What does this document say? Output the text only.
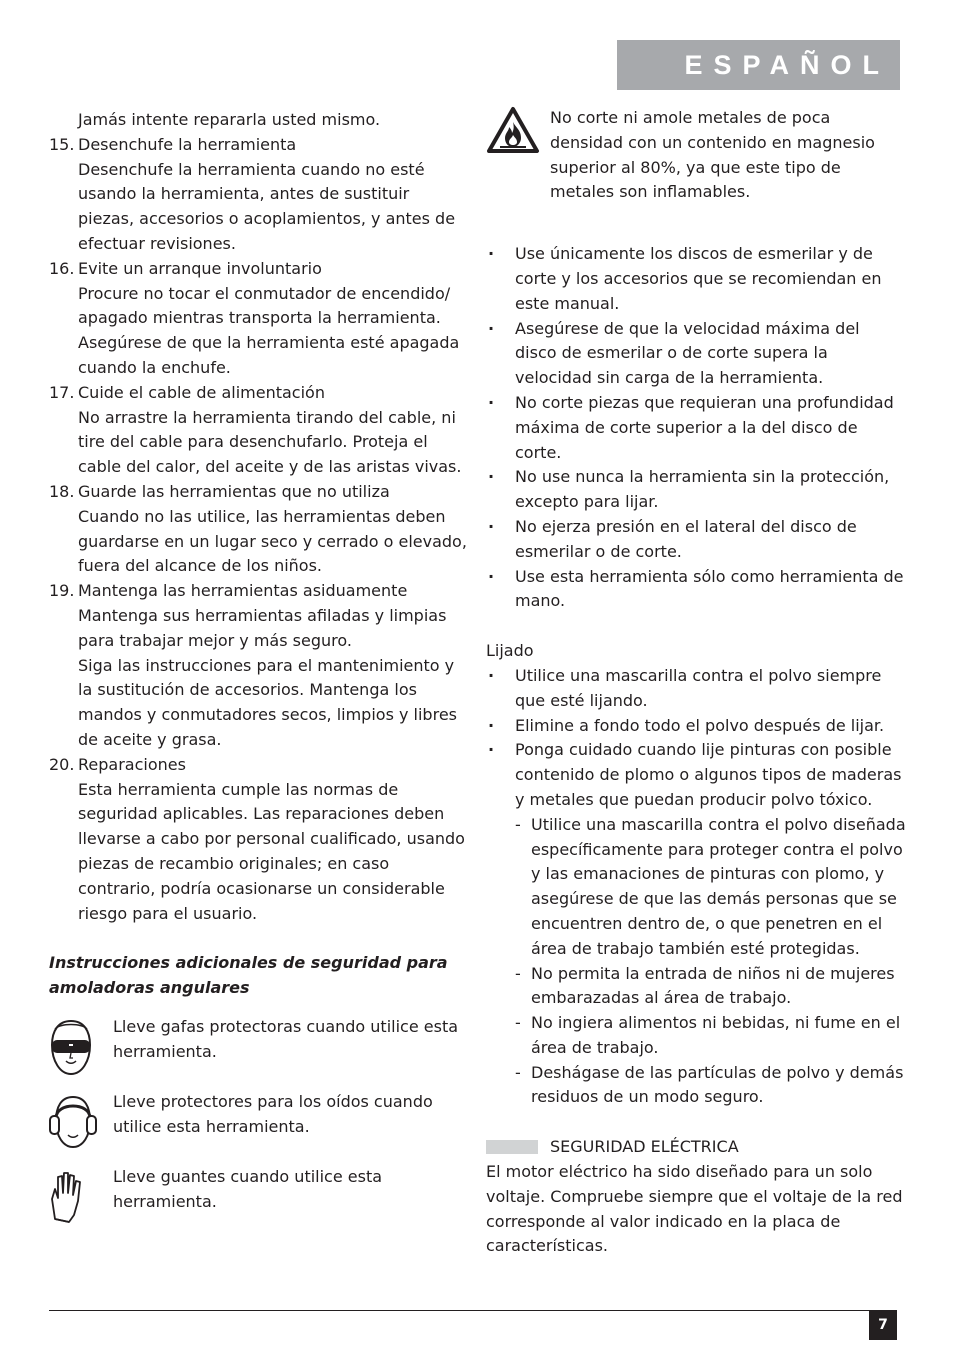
ESPAÑOL

Jamás intente repararla usted mismo.

15. Desenchufe la herramienta

Desenchufe la herramienta cuando no esté usando la herramienta, antes de sustituir piezas, accesorios o acoplamientos, y antes de efectuar revisiones.

16. Evite un arranque involuntario

Procure no tocar el conmutador de encendido/ apagado mientras transporta la herramienta. Asegúrese de que la herramienta esté apagada cuando la enchufe.

17. Cuide el cable de alimentación

No arrastre la herramienta tirando del cable, ni tire del cable para desenchufarlo. Proteja el cable del calor, del aceite y de las aristas vivas.

18. Guarde las herramientas que no utiliza

Cuando no las utilice, las herramientas deben guardarse en un lugar seco y cerrado o elevado, fuera del alcance de los niños.

19. Mantenga las herramientas asiduamente

Mantenga sus herramientas afiladas y limpias para trabajar mejor y más seguro.

Siga las instrucciones para el mantenimiento y la sustitución de accesorios. Mantenga los mandos y conmutadores secos, limpios y libres de aceite y grasa.

20. Reparaciones

Esta herramienta cumple las normas de seguridad aplicables. Las reparaciones deben llevarse a cabo por personal cualificado, usando piezas de recambio originales; en caso contrario, podría ocasionarse un considerable riesgo para el usuario.

Instrucciones adicionales de seguridad para amoladoras angulares

Lleve gafas protectoras cuando utilice esta herramienta.

Lleve protectores para los oídos cuando utilice esta herramienta.

Lleve guantes cuando utilice esta herramienta.

No corte ni amole metales de poca densidad con un contenido en magnesio superior al 80%, ya que este tipo de metales son inflamables.

· Use únicamente los discos de esmerilar y de corte y los accesorios que se recomiendan en este manual.
· Asegúrese de que la velocidad máxima del disco de esmerilar o de corte supera la velocidad sin carga de la herramienta.
· No corte piezas que requieran una profundidad máxima de corte superior a la del disco de corte.
· No use nunca la herramienta sin la protección, excepto para lijar.
· No ejerza presión en el lateral del disco de esmerilar o de corte.
· Use esta herramienta sólo como herramienta de mano.

Lijado

· Utilice una mascarilla contra el polvo siempre que esté lijando.
· Elimine a fondo todo el polvo después de lijar.
· Ponga cuidado cuando lije pinturas con posible contenido de plomo o algunos tipos de maderas y metales que puedan producir polvo tóxico.
- Utilice una mascarilla contra el polvo diseñada específicamente para proteger contra el polvo y las emanaciones de pinturas con plomo, y asegúrese de que las demás personas que se encuentren dentro de, o que penetren en el área de trabajo también esté protegidas.
- No permita la entrada de niños ni de mujeres embarazadas al área de trabajo.
- No ingiera alimentos ni bebidas, ni fume en el área de trabajo.
- Deshágase de las partículas de polvo y demás residuos de un modo seguro.

SEGURIDAD ELÉCTRICA

El motor eléctrico ha sido diseñado para un solo voltaje. Compruebe siempre que el voltaje de la red corresponde al valor indicado en la placa de características.

7
